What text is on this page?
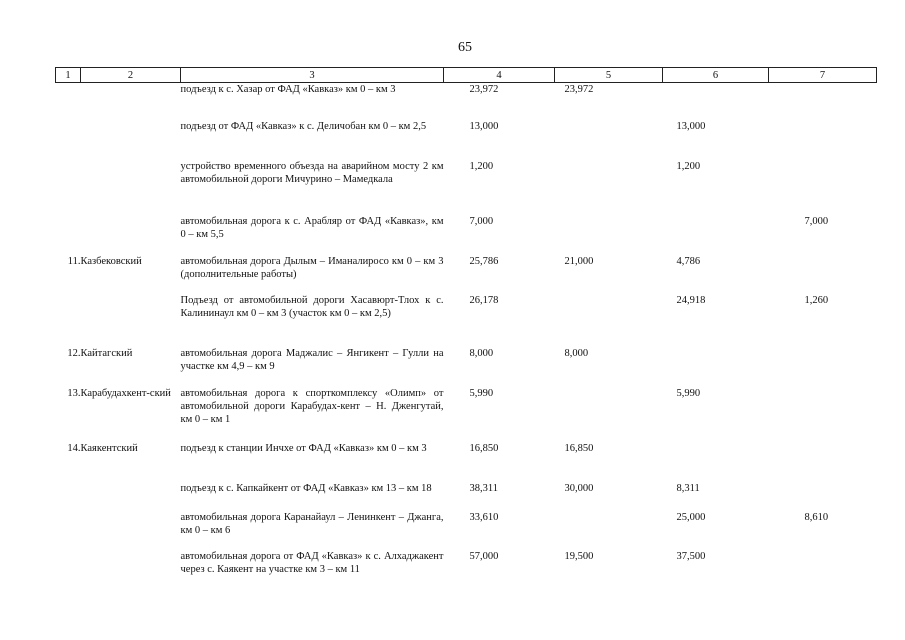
65
1	2	3	4	5	6	7

		подъезд к с. Хазар от ФАД «Кавказ» км 0 – км 3	23,972	23,972		

		подъезд от ФАД «Кавказ» к с. Деличобан км 0 – км 2,5	13,000		13,000	

		устройство временного объезда на аварийном мосту 2 км автомобильной дороги Мичурино – Мамедкала	1,200		1,200	

		автомобильная дорога к с. Арабляр от ФАД «Кавказ», км 0 – км 5,5	7,000			7,000
11.	Казбековский	автомобильная дорога Дылым – Иманалиросо км 0 – км 3 (дополнительные работы)	25,786	21,000	4,786	

		Подъезд от автомобильной дороги Хасавюрт-Тлох к с. Калининаул км 0 – км 3 (участок км 0 – км 2,5)	26,178		24,918	1,260
12.	Кайтагский	автомобильная дорога Маджалис – Янгикент – Гулли на участке км 4,9 – км 9	8,000	8,000		
13.	Карабудахкент-ский	автомобильная дорога к спорткомплексу «Олимп» от автомобильной дороги Карабудах-кент – Н. Дженгутай, км 0 – км 1	5,990		5,990	
14.	Каякентский	подъезд к станции Инчхе от ФАД «Кавказ» км 0 – км 3	16,850	16,850		

		подъезд к с. Капкайкент от ФАД «Кавказ» км 13 – км 18	38,311	30,000	8,311	

		автомобильная дорога Каранайаул – Ленинкент – Джанга, км 0 – км 6	33,610		25,000	8,610

		автомобильная дорога от ФАД «Кавказ» к с. Алхаджакент через с. Каякент на участке км 3 – км 11	57,000	19,500	37,500	
